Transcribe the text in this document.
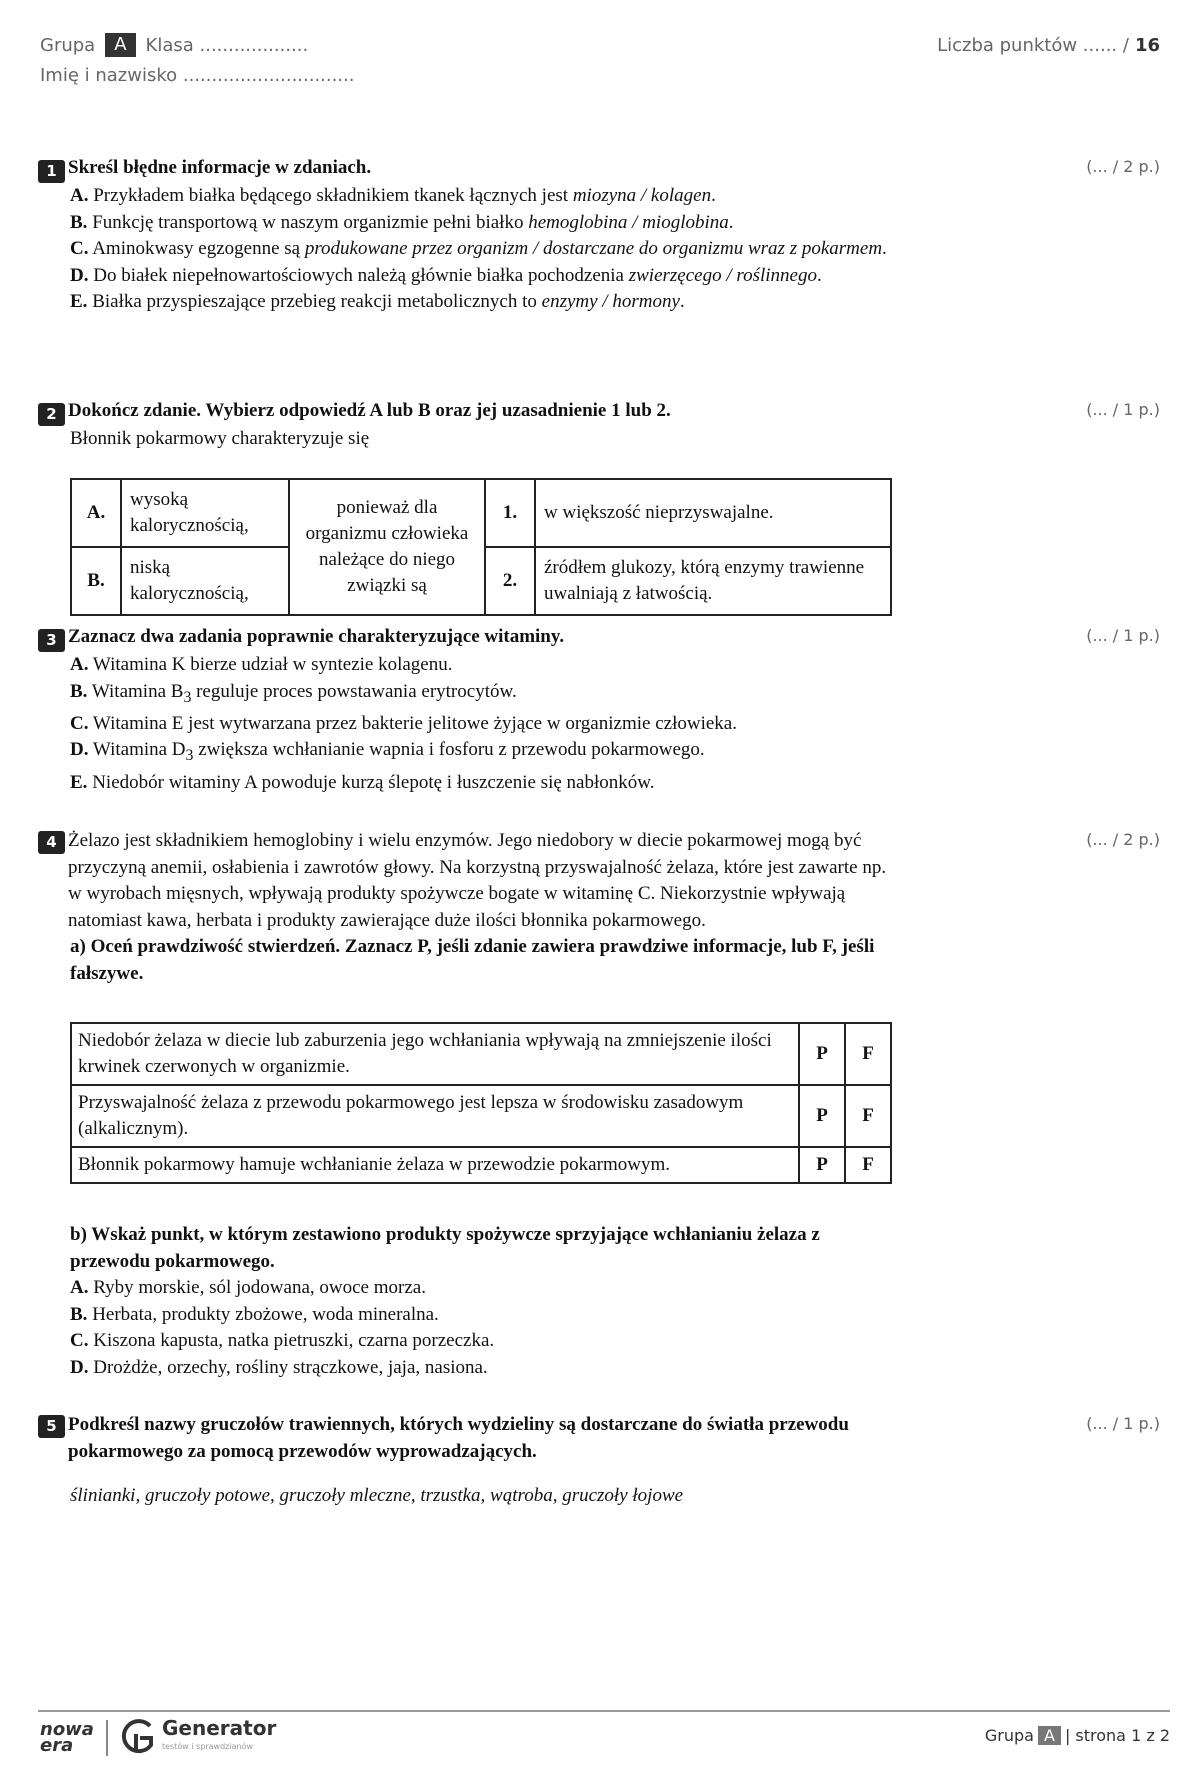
Grupa	A	Klasa ...................
Imię i nazwisko ..............................
Liczba punktów ...... / 16

1 Skreśl błędne informacje w zdaniach.

A. Przykładem białka będącego składnikiem tkanek łącznych jest miozyna / kolagen.

B. Funkcję transportową w naszym organizmie pełni białko hemoglobina / mioglobina.

C. Aminokwasy egzogenne są produkowane przez organizm / dostarczane do organizmu wraz z pokarmem.

D. Do białek niepełnowartościowych należą głównie białka pochodzenia zwierzęcego / roślinnego.

E. Białka przyspieszające przebieg reakcji metabolicznych to enzymy / hormony.

(... / 2 p.)

2 Dokończ zdanie. Wybierz odpowiedź A lub B oraz jej uzasadnienie 1 lub 2.

Błonnik pokarmowy charakteryzuje się

(... / 1 p.)
A.	wysoką kalorycznością,	ponieważ dla organizmu człowieka należące do niego związki są	1.	w większość nieprzyswajalne.
B.	niską kalorycznością,		2.	źródłem glukozy, którą enzymy trawienne uwalniają z łatwością.

3 Zaznacz dwa zadania poprawnie charakteryzujące witaminy.

A. Witamina K bierze udział w syntezie kolagenu.

B. Witamina $B_3$ reguluje proces powstawania erytrocytów.

C. Witamina E jest wytwarzana przez bakterie jelitowe żyjące w organizmie człowieka.

D. Witamina $D_3$ zwiększa wchłanianie wapnia i fosforu z przewodu pokarmowego.

E. Niedobór witaminy A powoduje kurzą ślepotę i łuszczenie się nabłonków.

(... / 1 p.)

4 Żelazo jest składnikiem hemoglobiny i wielu enzymów. Jego niedobory w diecie pokarmowej mogą być przyczyną anemii, osłabienia i zawrotów głowy. Na korzystną przyswajalność żelaza, które jest zawarte np. w wyrobach mięsnych, wpływają produkty spożywcze bogate w witaminę C. Niekorzystnie wpływają natomiast kawa, herbata i produkty zawierające duże ilości błonnika pokarmowego.

a) Oceń prawdziwość stwierdzeń. Zaznacz P, jeśli zdanie zawiera prawdziwe informacje, lub F, jeśli fałszywe.

(... / 2 p.)
Niedobór żelaza w diecie lub zaburzenia jego wchłaniania wpływają na zmniejszenie ilości krwinek czerwonych w organizmie.	P	F
Przyswajalność żelaza z przewodu pokarmowego jest lepsza w środowisku zasadowym (alkalicznym).	P	F
Błonnik pokarmowy hamuje wchłanianie żelaza w przewodzie pokarmowym.	P	F

b) Wskaż punkt, w którym zestawiono produkty spożywcze sprzyjające wchłanianiu żelaza z przewodu pokarmowego.

A. Ryby morskie, sól jodowana, owoce morza.

B. Herbata, produkty zbożowe, woda mineralna.

C. Kiszona kapusta, natka pietruszki, czarna porzeczka.

D. Drożdże, orzechy, rośliny strączkowe, jaja, nasiona.

5 Podkreśl nazwy gruczołów trawiennych, których wydzieliny są dostarczane do światła przewodu pokarmowego za pomocą przewodów wyprowadzających.

ślinianki, gruczoły potowe, gruczoły mleczne, trzustka, wątroba, gruczoły łojowe

(... / 1 p.)
nowa
era
Generator
testów i sprawdzianów
Grupa A | strona 1 z 2
